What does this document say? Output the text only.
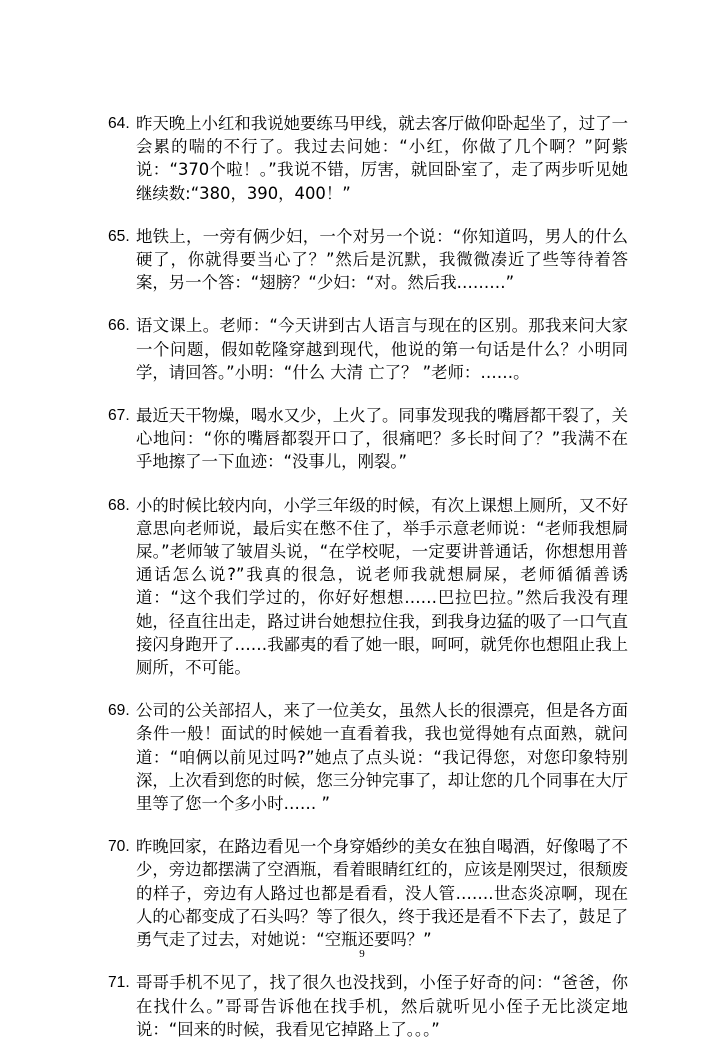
64. 昨天晚上小红和我说她要练马甲线，就去客厅做仰卧起坐了，过了一会累的喘的不行了。我过去问她：“小红，你做了几个啊？”阿紫说：“370个啦！。”我说不错，厉害，就回卧室了，走了两步听见她继续数:“380，390，400！”
65. 地铁上，一旁有俩少妇，一个对另一个说：“你知道吗，男人的什么硬了，你就得要当心了？”然后是沉默，我微微凑近了些等待着答案，另一个答：“翅膀？“少妇：“对。然后我………”
66. 语文课上。老师：“今天讲到古人语言与现在的区别。那我来问大家一个问题，假如乾隆穿越到现代，他说的第一句话是什么？小明同学，请回答。”小明：“什么 大清 亡了？ ”老师：……。
67. 最近天干物燥，喝水又少，上火了。同事发现我的嘴唇都干裂了，关心地问：“你的嘴唇都裂开口了，很痛吧？多长时间了？”我满不在乎地擦了一下血迹：“没事儿，刚裂。”
68. 小的时候比较内向，小学三年级的时候，有次上课想上厕所，又不好意思向老师说，最后实在憋不住了，举手示意老师说：“老师我想屙屎。”老师皱了皱眉头说，“在学校呢，一定要讲普通话，你想想用普通话怎么说?”我真的很急，说老师我就想屙屎，老师循循善诱道：“这个我们学过的，你好好想想……巴拉巴拉。”然后我没有理她，径直往出走，路过讲台她想拉住我，到我身边猛的吸了一口气直接闪身跑开了……我鄙夷的看了她一眼，呵呵，就凭你也想阻止我上厕所，不可能。
69. 公司的公关部招人，来了一位美女，虽然人长的很漂亮，但是各方面条件一般！面试的时候她一直看着我，我也觉得她有点面熟，就问道：“咱俩以前见过吗?”她点了点头说：“我记得您，对您印象特别深，上次看到您的时候，您三分钟完事了，却让您的几个同事在大厅里等了您一个多小时…… ”
70. 昨晚回家，在路边看见一个身穿婚纱的美女在独自喝酒，好像喝了不少，旁边都摆满了空酒瓶，看着眼睛红红的，应该是刚哭过，很颓废的样子，旁边有人路过也都是看看，没人管…….世态炎凉啊，现在人的心都变成了石头吗？等了很久，终于我还是看不下去了，鼓足了勇气走了过去，对她说：“空瓶还要吗？”
71. 哥哥手机不见了，找了很久也没找到，小侄子好奇的问：“爸爸，你在找什么。”哥哥告诉他在找手机，然后就听见小侄子无比淡定地说：“回来的时候，我看见它掉路上了。。。”
9
